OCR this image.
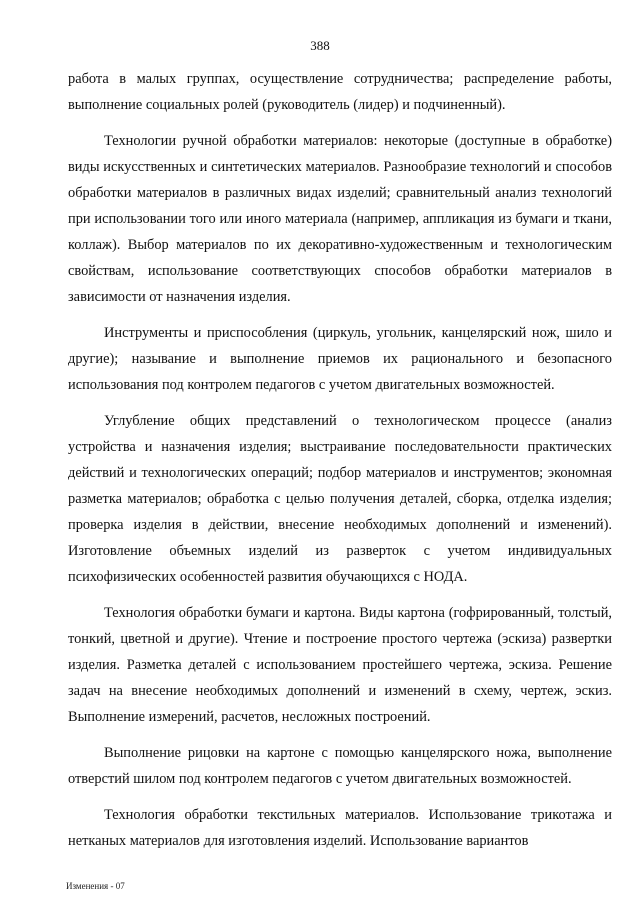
388

работа в малых группах, осуществление сотрудничества; распределение работы, выполнение социальных ролей (руководитель (лидер) и подчиненный).

Технологии ручной обработки материалов: некоторые (доступные в обработке) виды искусственных и синтетических материалов. Разнообразие технологий и способов обработки материалов в различных видах изделий; сравнительный анализ технологий при использовании того или иного материала (например, аппликация из бумаги и ткани, коллаж). Выбор материалов по их декоративно-художественным и технологическим свойствам, использование соответствующих способов обработки материалов в зависимости от назначения изделия.

Инструменты и приспособления (циркуль, угольник, канцелярский нож, шило и другие); называние и выполнение приемов их рационального и безопасного использования под контролем педагогов с учетом двигательных возможностей.

Углубление общих представлений о технологическом процессе (анализ устройства и назначения изделия; выстраивание последовательности практических действий и технологических операций; подбор материалов и инструментов; экономная разметка материалов; обработка с целью получения деталей, сборка, отделка изделия; проверка изделия в действии, внесение необходимых дополнений и изменений). Изготовление объемных изделий из разверток с учетом индивидуальных психофизических особенностей развития обучающихся с НОДА.

Технология обработки бумаги и картона. Виды картона (гофрированный, толстый, тонкий, цветной и другие). Чтение и построение простого чертежа (эскиза) развертки изделия. Разметка деталей с использованием простейшего чертежа, эскиза. Решение задач на внесение необходимых дополнений и изменений в схему, чертеж, эскиз. Выполнение измерений, расчетов, несложных построений.

Выполнение рицовки на картоне с помощью канцелярского ножа, выполнение отверстий шилом под контролем педагогов с учетом двигательных возможностей.

Технология обработки текстильных материалов. Использование трикотажа и нетканых материалов для изготовления изделий. Использование вариантов

Изменения - 07
